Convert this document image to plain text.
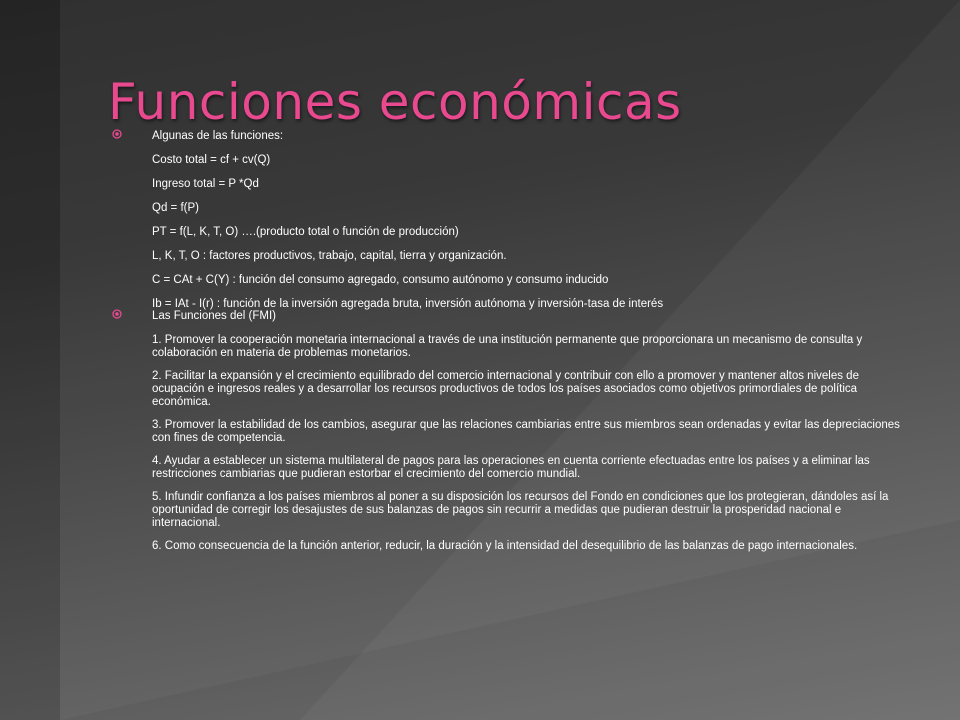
Funciones económicas
Algunas de las funciones:
Costo total = cf + cv(Q)
Ingreso total = P *Qd
Qd = f(P)
PT = f(L, K, T, O) ….(producto total o función de producción)
L, K, T, O : factores productivos, trabajo, capital, tierra y organización.
C = CAt + C(Y) : función del consumo agregado, consumo autónomo y consumo inducido
Ib = IAt - I(r) : función de la inversión agregada bruta, inversión autónoma y inversión-tasa de interés
Las Funciones del (FMI)
1. Promover la cooperación monetaria internacional a través de una institución permanente que proporcionara un mecanismo de consulta y colaboración en materia de problemas monetarios.
2. Facilitar la expansión y el crecimiento equilibrado del comercio internacional y contribuir con ello a promover y mantener altos niveles de ocupación e ingresos reales y a desarrollar los recursos productivos de todos los países asociados como objetivos primordiales de política económica.
3. Promover la estabilidad de los cambios, asegurar que las relaciones cambiarias entre sus miembros sean ordenadas y evitar las depreciaciones con fines de competencia.
4. Ayudar a establecer un sistema multilateral de pagos para las operaciones en cuenta corriente efectuadas entre los países y a eliminar las restricciones cambiarias que pudieran estorbar el crecimiento del comercio mundial.
5. Infundir confianza a los países miembros al poner a su disposición los recursos del Fondo en condiciones que los protegieran, dándoles así la oportunidad de corregir los desajustes de sus balanzas de pagos sin recurrir a medidas que pudieran destruir la prosperidad nacional e internacional.
6. Como consecuencia de la función anterior, reducir, la duración y la intensidad del desequilibrio de las balanzas de pago internacionales.
